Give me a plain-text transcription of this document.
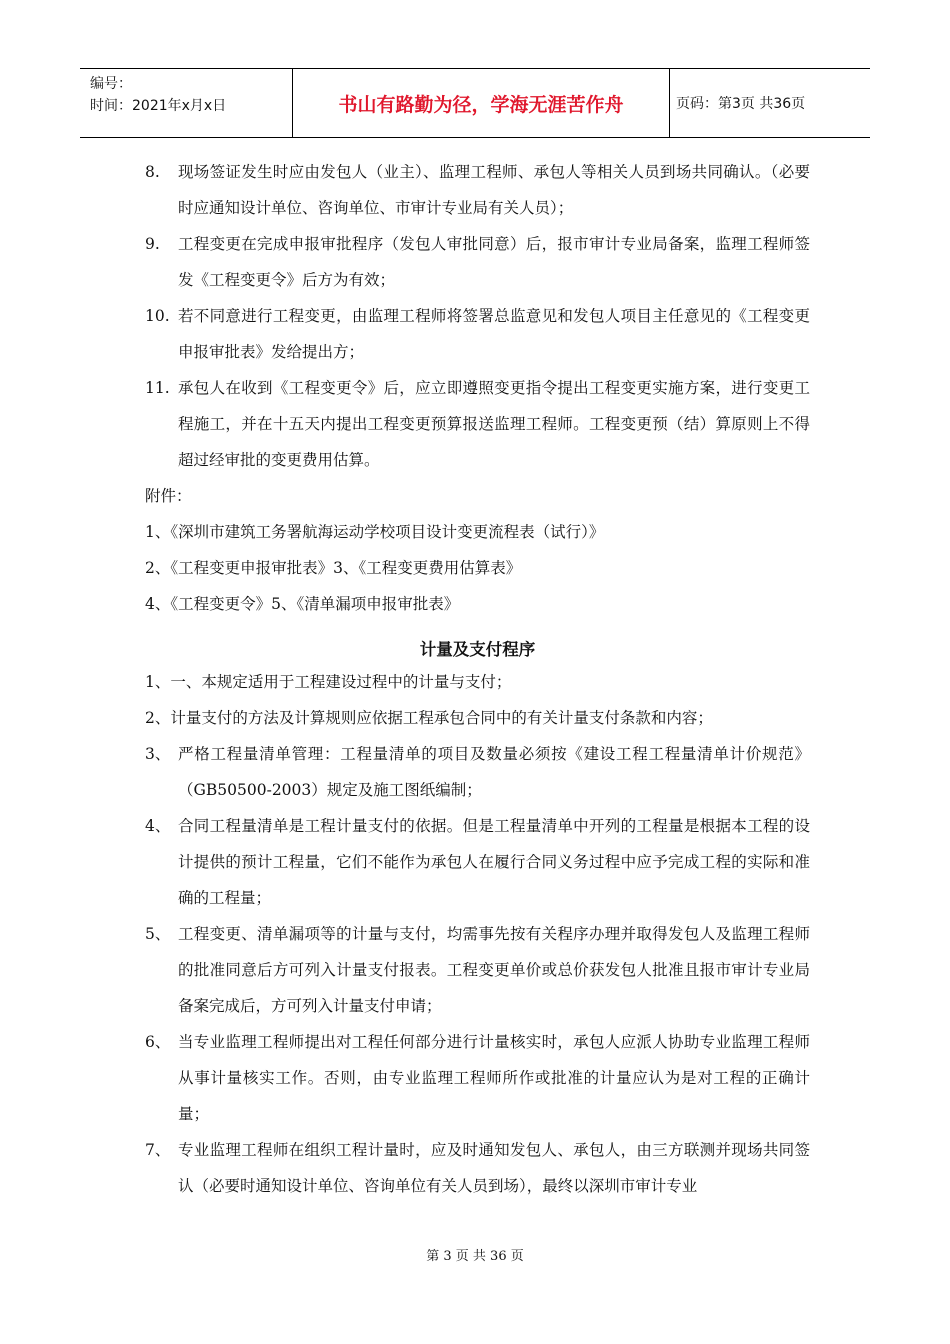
编号：
时间：2021年x月x日	书山有路勤为径，学海无涯苦作舟	页码：第3页 共36页
8.	现场签证发生时应由发包人（业主）、监理工程师、承包人等相关人员到场共同确认。（必要时应通知设计单位、咨询单位、市审计专业局有关人员）；
9.	工程变更在完成申报审批程序（发包人审批同意）后，报市审计专业局备案，监理工程师签发《工程变更令》后方为有效；
10. 若不同意进行工程变更，由监理工程师将签署总监意见和发包人项目主任意见的《工程变更申报审批表》发给提出方；
11. 承包人在收到《工程变更令》后，应立即遵照变更指令提出工程变更实施方案，进行变更工程施工，并在十五天内提出工程变更预算报送监理工程师。工程变更预（结）算原则上不得超过经审批的变更费用估算。
附件：
1、《深圳市建筑工务署航海运动学校项目设计变更流程表（试行）》
2、《工程变更申报审批表》3、《工程变更费用估算表》
4、《工程变更令》5、《清单漏项申报审批表》
计量及支付程序
1、一、本规定适用于工程建设过程中的计量与支付；
2、计量支付的方法及计算规则应依据工程承包合同中的有关计量支付条款和内容；
3、 严格工程量清单管理：工程量清单的项目及数量必须按《建设工程工程量清单计价规范》（GB50500-2003）规定及施工图纸编制；
4、 合同工程量清单是工程计量支付的依据。但是工程量清单中开列的工程量是根据本工程的设计提供的预计工程量，它们不能作为承包人在履行合同义务过程中应予完成工程的实际和准确的工程量；
5、 工程变更、清单漏项等的计量与支付，均需事先按有关程序办理并取得发包人及监理工程师的批准同意后方可列入计量支付报表。工程变更单价或总价获发包人批准且报市审计专业局备案完成后，方可列入计量支付申请；
6、 当专业监理工程师提出对工程任何部分进行计量核实时，承包人应派人协助专业监理工程师从事计量核实工作。否则，由专业监理工程师所作或批准的计量应认为是对工程的正确计量；
7、 专业监理工程师在组织工程计量时，应及时通知发包人、承包人，由三方联测并现场共同签认（必要时通知设计单位、咨询单位有关人员到场），最终以深圳市审计专业
第 3 页 共 36 页
